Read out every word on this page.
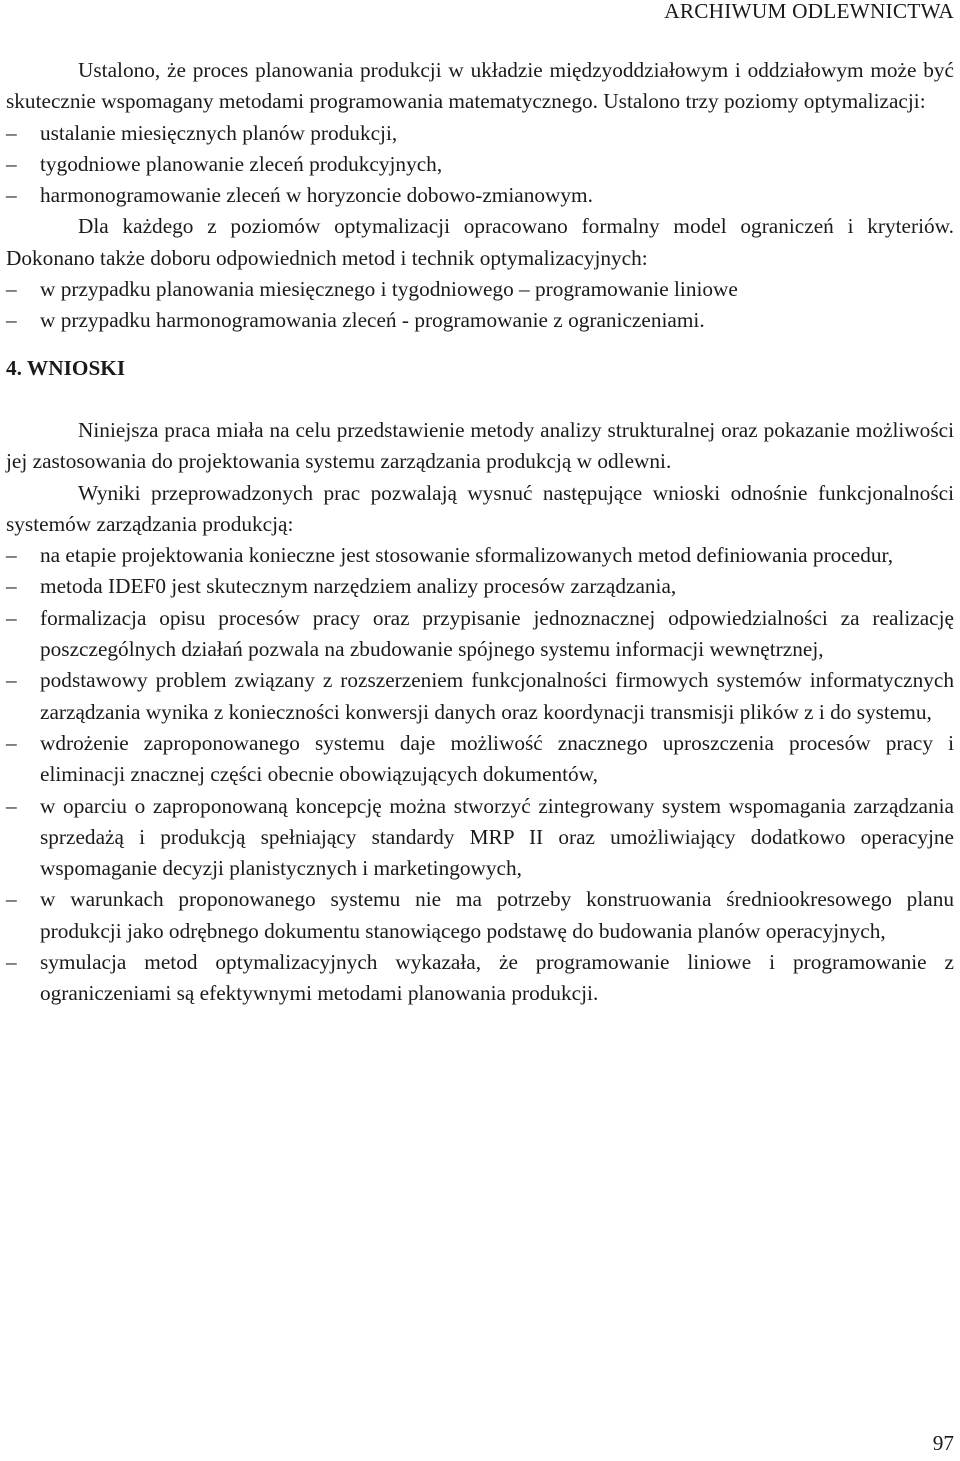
ARCHIWUM ODLEWNICTWA

Ustalono, że proces planowania produkcji w układzie międzyoddziałowym i oddziałowym może być skutecznie wspomagany metodami programowania matematycznego. Ustalono trzy poziomy optymalizacji:

– ustalanie miesięcznych planów produkcji,
– tygodniowe planowanie zleceń produkcyjnych,
– harmonogramowanie zleceń w horyzoncie dobowo-zmianowym.

Dla każdego z poziomów optymalizacji opracowano formalny model ograniczeń i kryteriów. Dokonano także doboru odpowiednich metod i technik optymalizacyjnych:

– w przypadku planowania miesięcznego i tygodniowego – programowanie liniowe
– w przypadku harmonogramowania zleceń - programowanie z ograniczeniami.
4. WNIOSKI

Niniejsza praca miała na celu przedstawienie metody analizy strukturalnej oraz pokazanie możliwości jej zastosowania do projektowania systemu zarządzania produkcją w odlewni.

Wyniki przeprowadzonych prac pozwalają wysnuć następujące wnioski odnośnie funkcjonalności systemów zarządzania produkcją:

– na etapie projektowania konieczne jest stosowanie sformalizowanych metod definiowania procedur,
– metoda IDEF0 jest skutecznym narzędziem analizy procesów zarządzania,
– formalizacja opisu procesów pracy oraz przypisanie jednoznacznej odpowiedzialności za realizację poszczególnych działań pozwala na zbudowanie spójnego systemu informacji wewnętrznej,
– podstawowy problem związany z rozszerzeniem funkcjonalności firmowych systemów informatycznych zarządzania wynika z konieczności konwersji danych oraz koordynacji transmisji plików z i do systemu,
– wdrożenie zaproponowanego systemu daje możliwość znacznego uproszczenia procesów pracy i eliminacji znacznej części obecnie obowiązujących dokumentów,
– w oparciu o zaproponowaną koncepcję można stworzyć zintegrowany system wspomagania zarządzania sprzedażą i produkcją spełniający standardy MRP II oraz umożliwiający dodatkowo operacyjne wspomaganie decyzji planistycznych i marketingowych,
– w warunkach proponowanego systemu nie ma potrzeby konstruowania średniookresowego planu produkcji jako odrębnego dokumentu stanowiącego podstawę do budowania planów operacyjnych,
– symulacja metod optymalizacyjnych wykazała, że programowanie liniowe i programowanie z ograniczeniami są efektywnymi metodami planowania produkcji.
97
